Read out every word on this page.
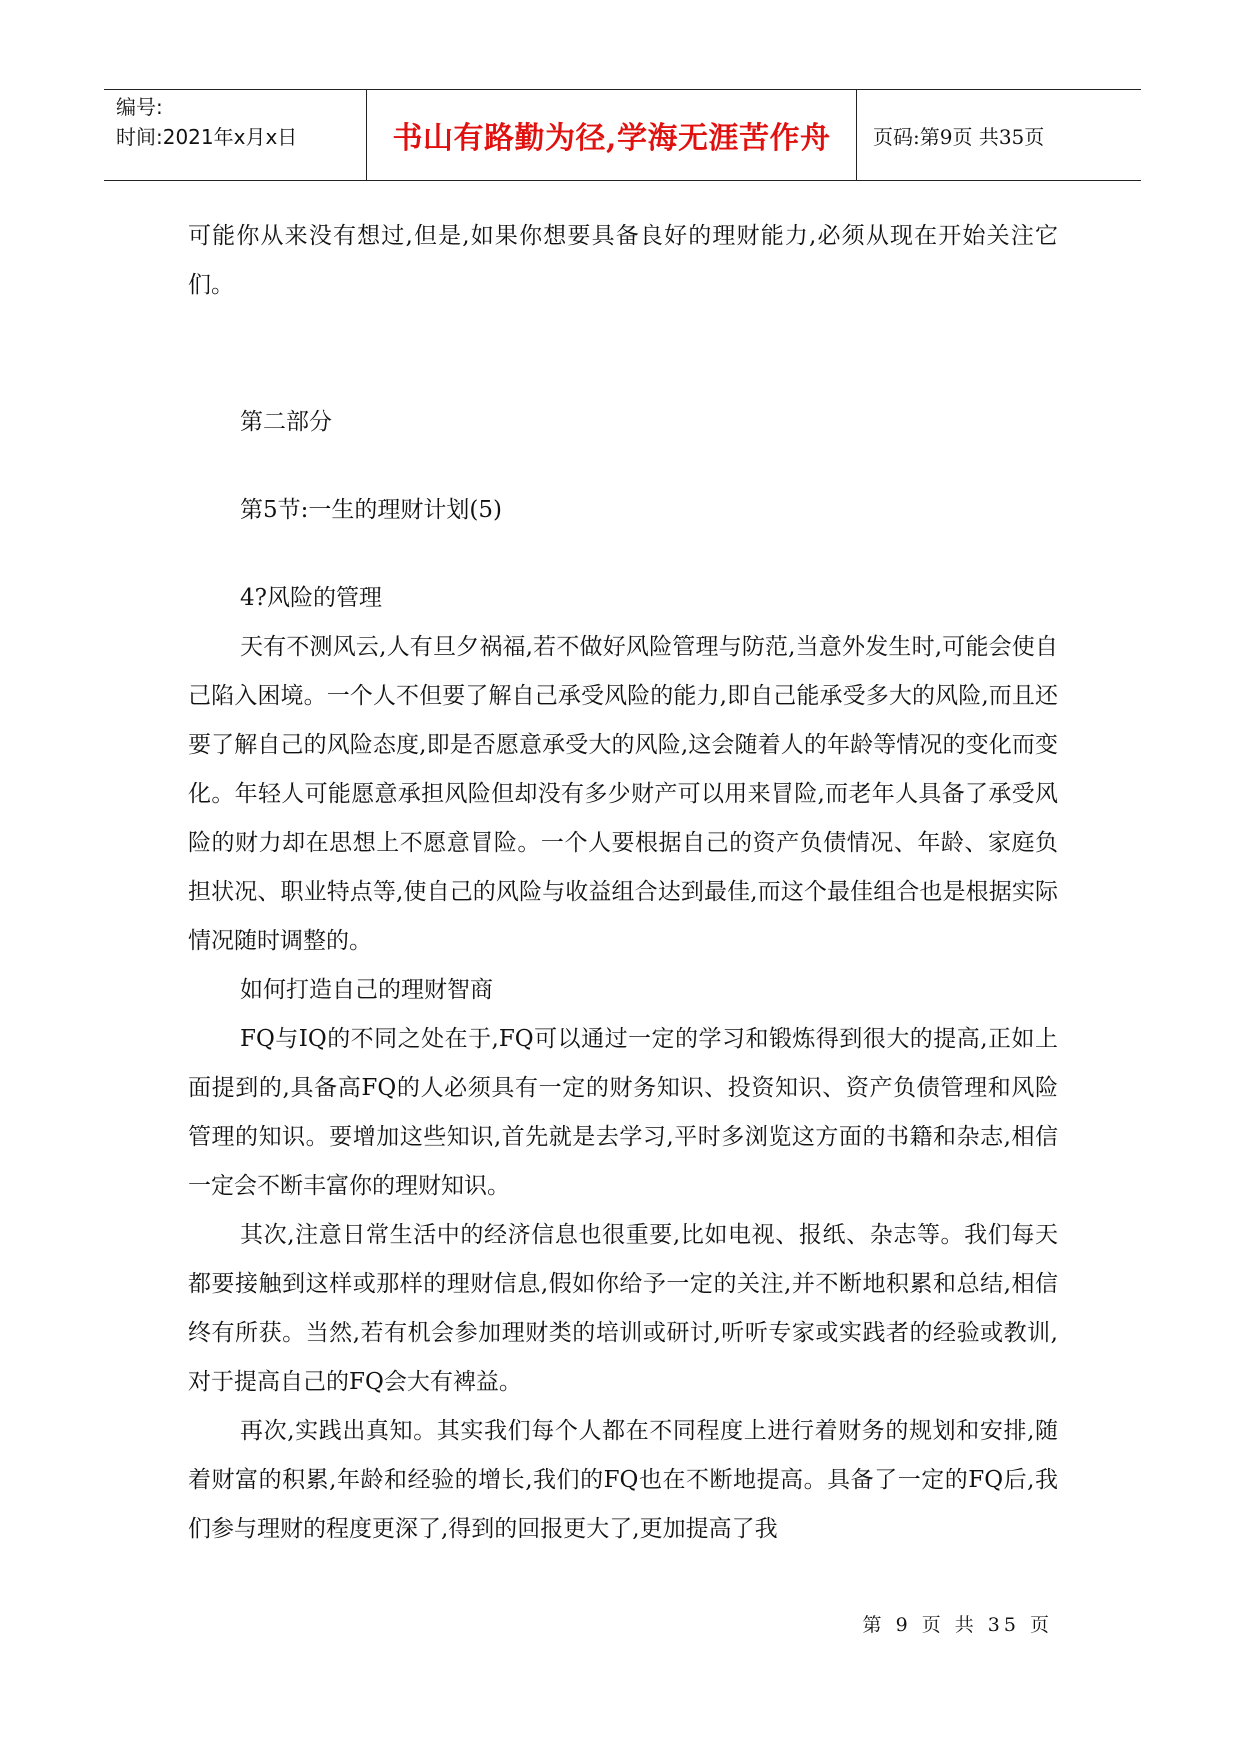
编号:
时间:2021年x月x日	书山有路勤为径,学海无涯苦作舟	页码:第9页 共35页

可能你从来没有想过,但是,如果你想要具备良好的理财能力,必须从现在开始关注它们。

第二部分

第5节:一生的理财计划(5)

4?风险的管理

天有不测风云,人有旦夕祸福,若不做好风险管理与防范,当意外发生时,可能会使自己陷入困境。一个人不但要了解自己承受风险的能力,即自己能承受多大的风险,而且还要了解自己的风险态度,即是否愿意承受大的风险,这会随着人的年龄等情况的变化而变化。年轻人可能愿意承担风险但却没有多少财产可以用来冒险,而老年人具备了承受风险的财力却在思想上不愿意冒险。一个人要根据自己的资产负债情况、年龄、家庭负担状况、职业特点等,使自己的风险与收益组合达到最佳,而这个最佳组合也是根据实际情况随时调整的。

如何打造自己的理财智商

FQ与IQ的不同之处在于,FQ可以通过一定的学习和锻炼得到很大的提高,正如上面提到的,具备高FQ的人必须具有一定的财务知识、投资知识、资产负债管理和风险管理的知识。要增加这些知识,首先就是去学习,平时多浏览这方面的书籍和杂志,相信一定会不断丰富你的理财知识。

其次,注意日常生活中的经济信息也很重要,比如电视、报纸、杂志等。我们每天都要接触到这样或那样的理财信息,假如你给予一定的关注,并不断地积累和总结,相信终有所获。当然,若有机会参加理财类的培训或研讨,听听专家或实践者的经验或教训,对于提高自己的FQ会大有裨益。

再次,实践出真知。其实我们每个人都在不同程度上进行着财务的规划和安排,随着财富的积累,年龄和经验的增长,我们的FQ也在不断地提高。具备了一定的FQ后,我们参与理财的程度更深了,得到的回报更大了,更加提高了我

第 9 页 共 35 页
